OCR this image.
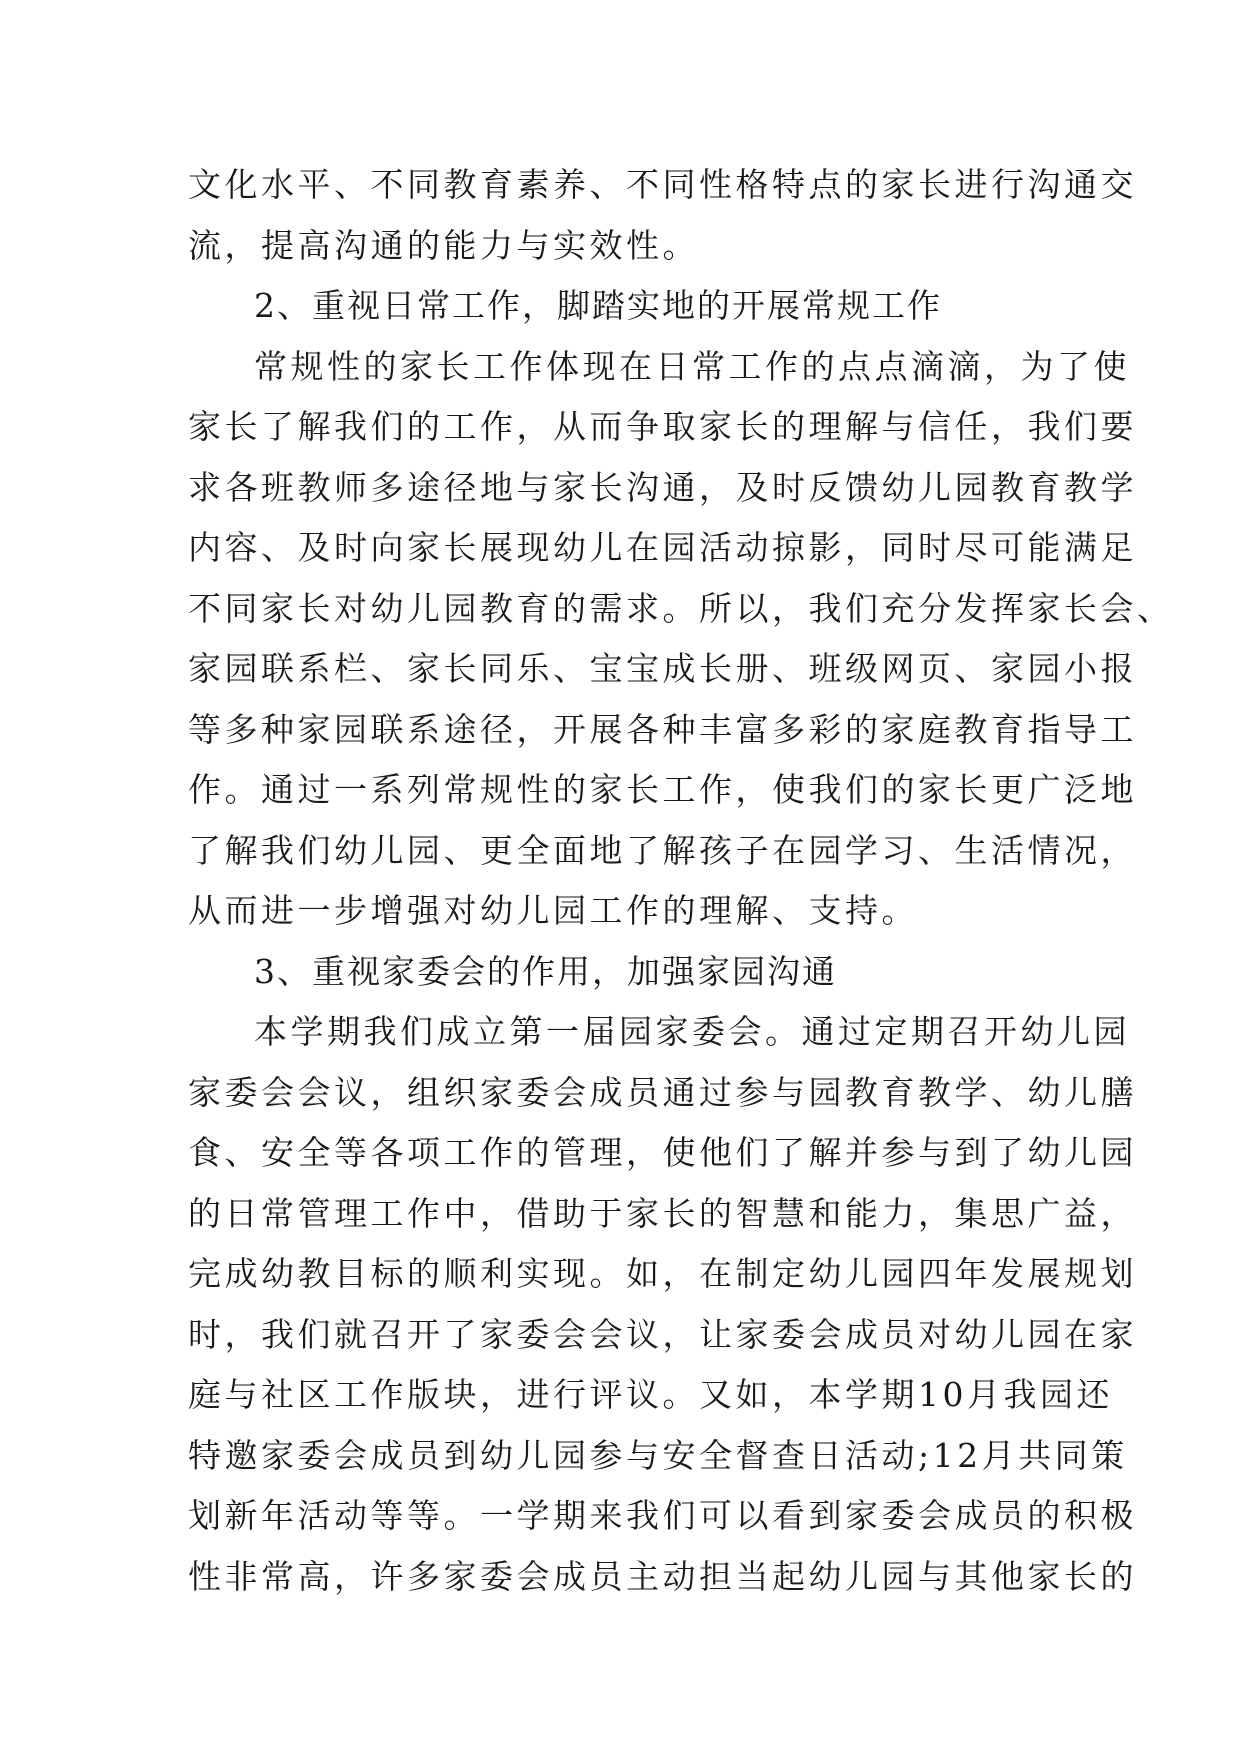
文化水平、不同教育素养、不同性格特点的家长进行沟通交
流，提高沟通的能力与实效性。
2、重视日常工作，脚踏实地的开展常规工作
常规性的家长工作体现在日常工作的点点滴滴，为了使
家长了解我们的工作，从而争取家长的理解与信任，我们要
求各班教师多途径地与家长沟通，及时反馈幼儿园教育教学
内容、及时向家长展现幼儿在园活动掠影，同时尽可能满足
不同家长对幼儿园教育的需求。所以，我们充分发挥家长会、
家园联系栏、家长同乐、宝宝成长册、班级网页、家园小报
等多种家园联系途径，开展各种丰富多彩的家庭教育指导工
作。通过一系列常规性的家长工作，使我们的家长更广泛地
了解我们幼儿园、更全面地了解孩子在园学习、生活情况，
从而进一步增强对幼儿园工作的理解、支持。
3、重视家委会的作用，加强家园沟通
本学期我们成立第一届园家委会。通过定期召开幼儿园
家委会会议，组织家委会成员通过参与园教育教学、幼儿膳
食、安全等各项工作的管理，使他们了解并参与到了幼儿园
的日常管理工作中，借助于家长的智慧和能力，集思广益，
完成幼教目标的顺利实现。如，在制定幼儿园四年发展规划
时，我们就召开了家委会会议，让家委会成员对幼儿园在家
庭与社区工作版块，进行评议。又如，本学期10月我园还
特邀家委会成员到幼儿园参与安全督查日活动;12月共同策
划新年活动等等。一学期来我们可以看到家委会成员的积极
性非常高，许多家委会成员主动担当起幼儿园与其他家长的
